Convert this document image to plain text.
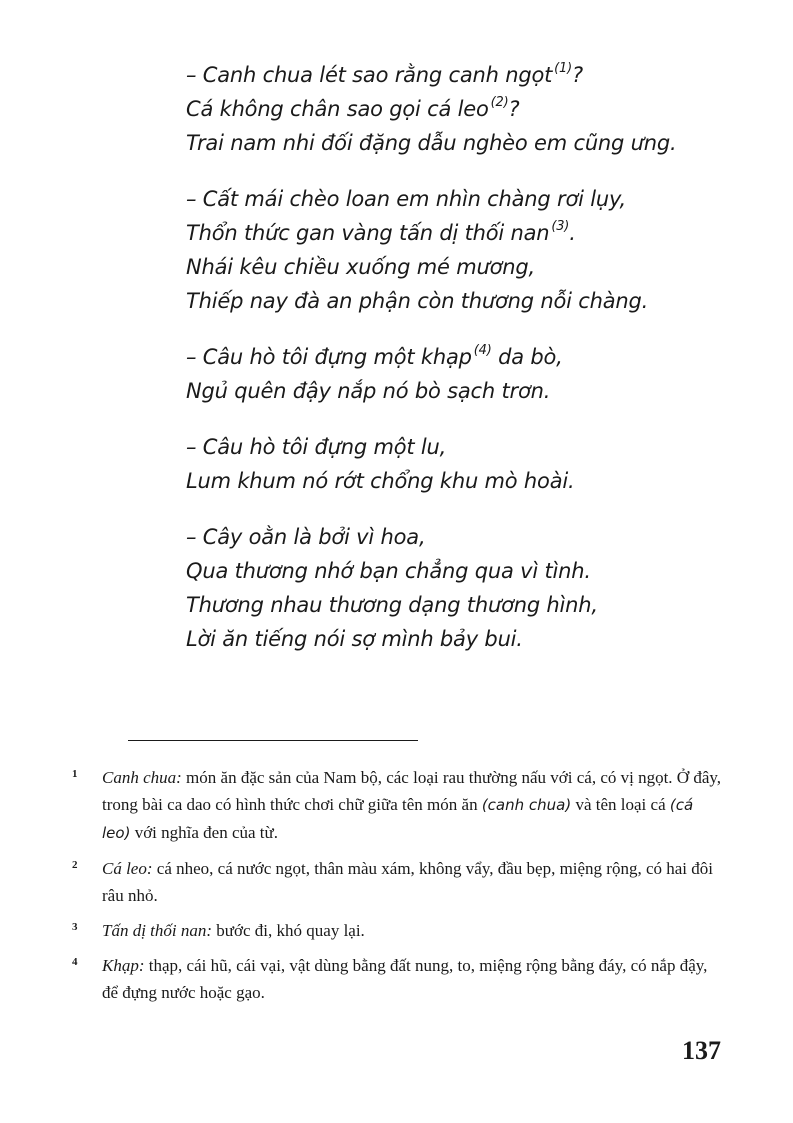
– Canh chua lét sao rằng canh ngọt $^{(1)}$?
Cá không chân sao gọi cá leo $^{(2)}$?
Trai nam nhi đối đặng dẫu nghèo em cũng ưng.
– Cất mái chèo loan em nhìn chàng rơi lụy,
Thổn thức gan vàng tấn dị thối nan $^{(3)}$.
Nhái kêu chiều xuống mé mương,
Thiếp nay đà an phận còn thương nỗi chàng.
– Câu hò tôi đựng một khạp $^{(4)}$ da bò,
Ngủ quên đậy nắp nó bò sạch trơn.
– Câu hò tôi đựng một lu,
Lum khum nó rớt chổng khu mò hoài.
– Cây oằn là bởi vì hoa,
Qua thương nhớ bạn chẳng qua vì tình.
Thương nhau thương dạng thương hình,
Lời ăn tiếng nói sợ mình bảy bui.
1 Canh chua: món ăn đặc sản của Nam bộ, các loại rau thường nấu với cá, có vị ngọt. Ở đây, trong bài ca dao có hình thức chơi chữ giữa tên món ăn (canh chua) và tên loại cá (cá leo) với nghĩa đen của từ.
2 Cá leo: cá nheo, cá nước ngọt, thân màu xám, không vẩy, đầu bẹp, miệng rộng, có hai đôi râu nhỏ.
3 Tấn dị thối nan: bước đi, khó quay lại.
4 Khạp: thạp, cái hũ, cái vại, vật dùng bằng đất nung, to, miệng rộng bằng đáy, có nắp đậy, để đựng nước hoặc gạo.
137
